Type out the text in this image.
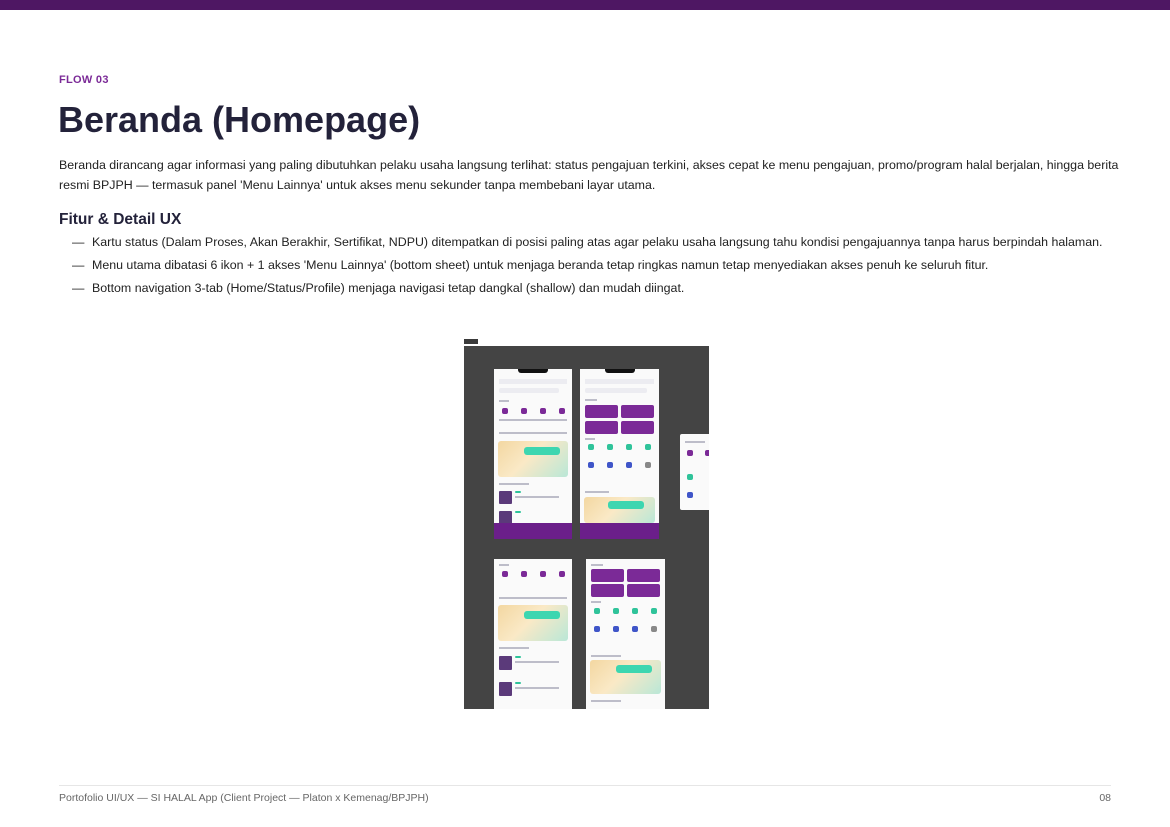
FLOW 03
Beranda (Homepage)
Beranda dirancang agar informasi yang paling dibutuhkan pelaku usaha langsung terlihat: status pengajuan terkini, akses cepat ke menu pengajuan, promo/program halal berjalan, hingga berita resmi BPJPH — termasuk panel 'Menu Lainnya' untuk akses menu sekunder tanpa membebani layar utama.
Fitur & Detail UX
— Kartu status (Dalam Proses, Akan Berakhir, Sertifikat, NDPU) ditempatkan di posisi paling atas agar pelaku usaha langsung tahu kondisi pengajuannya tanpa harus berpindah halaman.
— Menu utama dibatasi 6 ikon + 1 akses 'Menu Lainnya' (bottom sheet) untuk menjaga beranda tetap ringkas namun tetap menyediakan akses penuh ke seluruh fitur.
— Bottom navigation 3-tab (Home/Status/Profile) menjaga navigasi tetap dangkal (shallow) dan mudah diingat.
Portofolio UI/UX — SI HALAL App (Client Project — Platon x Kemenag/BPJPH)	08
